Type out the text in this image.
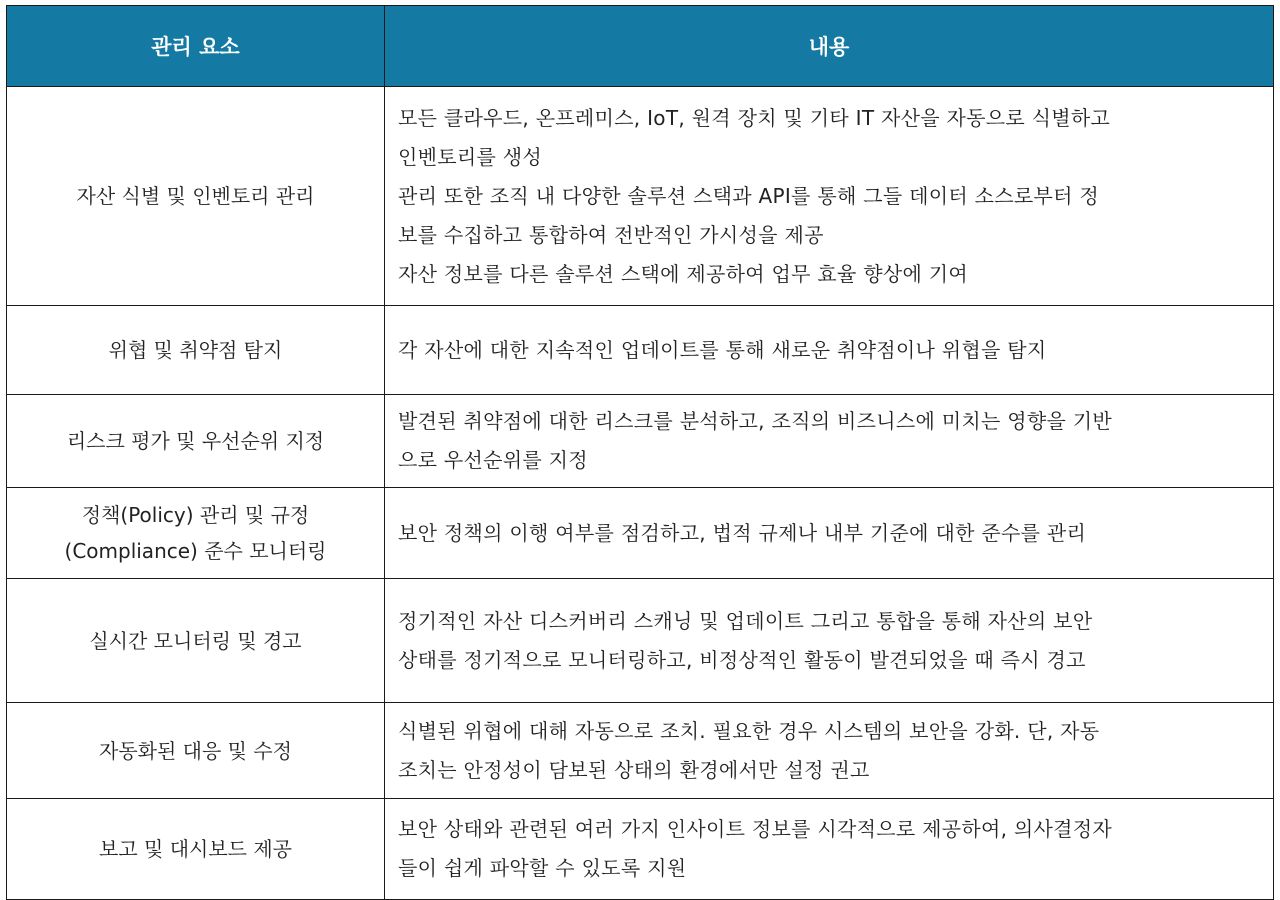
관리 요소	내용

자산 식별 및 인벤토리 관리	모든 클라우드, 온프레미스, IoT, 원격 장치 및 기타 IT 자산을 자동으로 식별하고
인벤토리를 생성
관리 또한 조직 내 다양한 솔루션 스택과 API를 통해 그들 데이터 소스로부터 정
보를 수집하고 통합하여 전반적인 가시성을 제공
자산 정보를 다른 솔루션 스택에 제공하여 업무 효율 향상에 기여

위협 및 취약점 탐지	각 자산에 대한 지속적인 업데이트를 통해 새로운 취약점이나 위협을 탐지

리스크 평가 및 우선순위 지정	발견된 취약점에 대한 리스크를 분석하고, 조직의 비즈니스에 미치는 영향을 기반
으로 우선순위를 지정

정책(Policy) 관리 및 규정
(Compliance) 준수 모니터링	보안 정책의 이행 여부를 점검하고, 법적 규제나 내부 기준에 대한 준수를 관리

실시간 모니터링 및 경고	정기적인 자산 디스커버리 스캐닝 및 업데이트 그리고 통합을 통해 자산의 보안
상태를 정기적으로 모니터링하고, 비정상적인 활동이 발견되었을 때 즉시 경고

자동화된 대응 및 수정	식별된 위협에 대해 자동으로 조치. 필요한 경우 시스템의 보안을 강화. 단, 자동
조치는 안정성이 담보된 상태의 환경에서만 설정 권고

보고 및 대시보드 제공	보안 상태와 관련된 여러 가지 인사이트 정보를 시각적으로 제공하여, 의사결정자
들이 쉽게 파악할 수 있도록 지원
